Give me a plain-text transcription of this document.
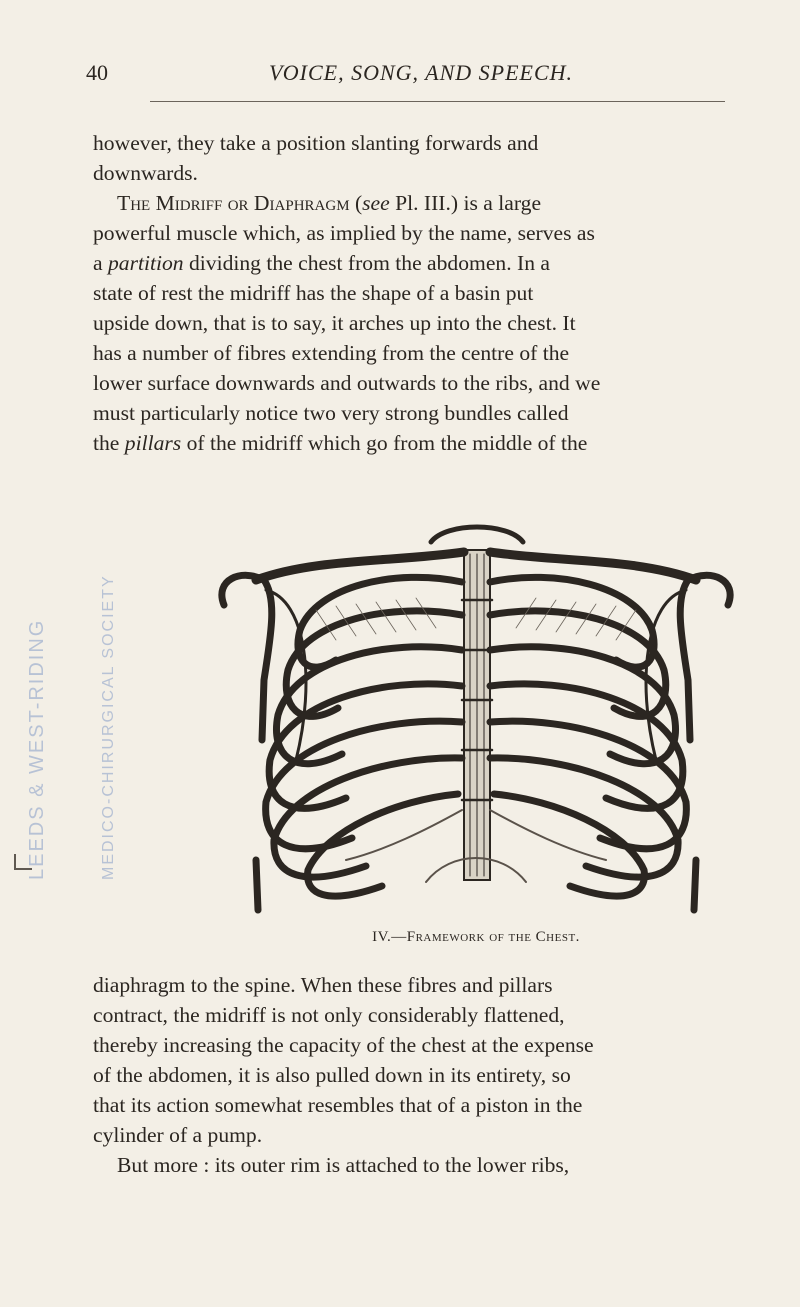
40	VOICE, SONG, AND SPEECH.

however, they take a position slanting forwards and
downwards.

The Midriff or Diaphragm (see Pl. III.) is a large
powerful muscle which, as implied by the name, serves as
a partition dividing the chest from the abdomen. In a
state of rest the midriff has the shape of a basin put
upside down, that is to say, it arches up into the chest. It
has a number of fibres extending from the centre of the
lower surface downwards and outwards to the ribs, and we
must particularly notice two very strong bundles called
the pillars of the midriff which go from the middle of the

IV.—Framework of the Chest.

diaphragm to the spine. When these fibres and pillars
contract, the midriff is not only considerably flattened,
thereby increasing the capacity of the chest at the expense
of the abdomen, it is also pulled down in its entirety, so
that its action somewhat resembles that of a piston in the
cylinder of a pump.

But more : its outer rim is attached to the lower ribs,

LEEDS & WEST-RIDING	MEDICO-CHIRURGICAL SOCIETY
